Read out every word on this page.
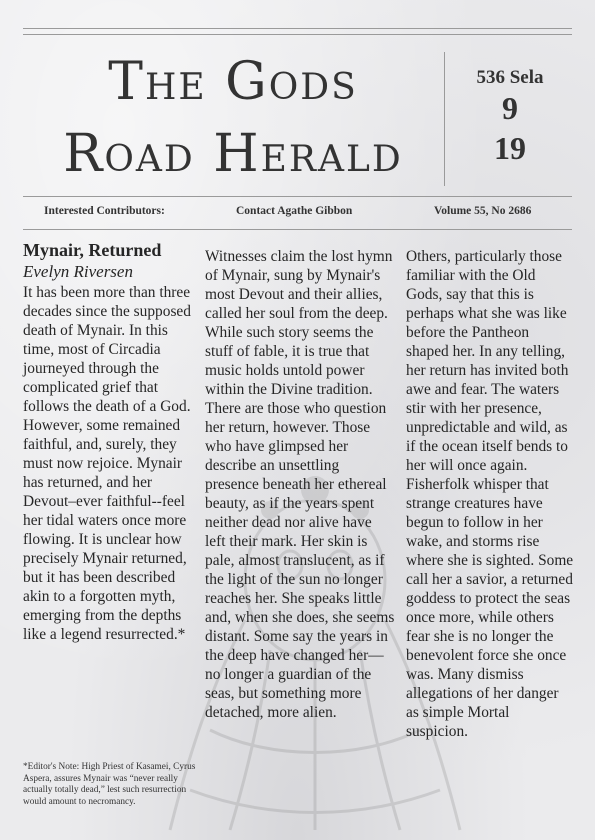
The Gods
Road Herald
536 Sela
9
19
Interested Contributors:	Contact Agathe Gibbon	Volume 55, No 2686

Mynair, Returned

Evelyn Riversen

It has been more than three decades since the supposed death of Mynair. In this time, most of Circadia journeyed through the complicated grief that follows the death of a God. However, some remained faithful, and, surely, they must now rejoice. Mynair has returned, and her Devout–ever faithful--feel her tidal waters once more flowing. It is unclear how precisely Mynair returned, but it has been described akin to a forgotten myth, emerging from the depths like a legend resurrected.*

Witnesses claim the lost hymn of Mynair, sung by Mynair's most Devout and their allies, called her soul from the deep. While such story seems the stuff of fable, it is true that music holds untold power within the Divine tradition. There are those who question her return, however. Those who have glimpsed her describe an unsettling presence beneath her ethereal beauty, as if the years spent neither dead nor alive have left their mark. Her skin is pale, almost translucent, as if the light of the sun no longer reaches her. She speaks little and, when she does, she seems distant. Some say the years in the deep have changed her—no longer a guardian of the seas, but something more detached, more alien.

Others, particularly those familiar with the Old Gods, say that this is perhaps what she was like before the Pantheon shaped her. In any telling, her return has invited both awe and fear. The waters stir with her presence, unpredictable and wild, as if the ocean itself bends to her will once again. Fisherfolk whisper that strange creatures have begun to follow in her wake, and storms rise where she is sighted. Some call her a savior, a returned goddess to protect the seas once more, while others fear she is no longer the benevolent force she once was. Many dismiss allegations of her danger as simple Mortal suspicion.

*Editor's Note: High Priest of Kasamei, Cyrus Aspera, assures Mynair was “never really actually totally dead,” lest such resurrection would amount to necromancy.
